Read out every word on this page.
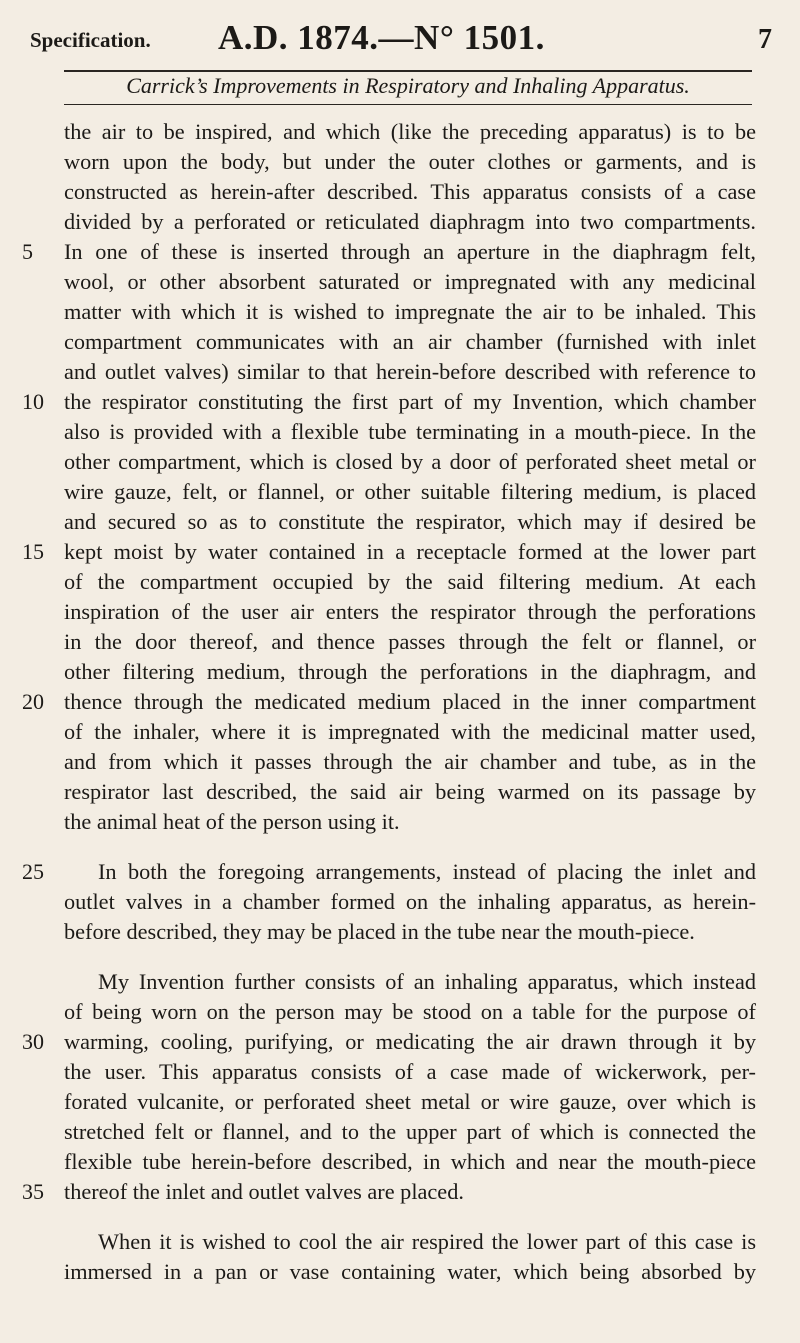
Specification. A.D. 1874.—N° 1501.	7
Carrick’s Improvements in Respiratory and Inhaling Apparatus.
the air to be inspired, and which (like the preceding apparatus) is to be
worn upon the body, but under the outer clothes or garments, and is
constructed as herein-after described. This apparatus consists of a case
divided by a perforated or reticulated diaphragm into two compartments.
5	In one of these is inserted through an aperture in the diaphragm felt,
wool, or other absorbent saturated or impregnated with any medicinal
matter with which it is wished to impregnate the air to be inhaled. This
compartment communicates with an air chamber (furnished with inlet
and outlet valves) similar to that herein-before described with reference to
10 the respirator constituting the first part of my Invention, which chamber
also is provided with a flexible tube terminating in a mouth-piece. In the
other compartment, which is closed by a door of perforated sheet metal or
wire gauze, felt, or flannel, or other suitable filtering medium, is placed
and secured so as to constitute the respirator, which may if desired be
15 kept moist by water contained in a receptacle formed at the lower part
of the compartment occupied by the said filtering medium. At each
inspiration of the user air enters the respirator through the perforations
in the door thereof, and thence passes through the felt or flannel, or
other filtering medium, through the perforations in the diaphragm, and
20 thence through the medicated medium placed in the inner compartment
of the inhaler, where it is impregnated with the medicinal matter used,
and from which it passes through the air chamber and tube, as in the
respirator last described, the said air being warmed on its passage by
the animal heat of the person using it.
25	In both the foregoing arrangements, instead of placing the inlet and
outlet valves in a chamber formed on the inhaling apparatus, as herein-
before described, they may be placed in the tube near the mouth-piece.
My Invention further consists of an inhaling apparatus, which instead
of being worn on the person may be stood on a table for the purpose of
30 warming, cooling, purifying, or medicating the air drawn through it by
the user. This apparatus consists of a case made of wickerwork, per-
forated vulcanite, or perforated sheet metal or wire gauze, over which is
stretched felt or flannel, and to the upper part of which is connected the
flexible tube herein-before described, in which and near the mouth-piece
35 thereof the inlet and outlet valves are placed.
When it is wished to cool the air respired the lower part of this case is
immersed in a pan or vase containing water, which being absorbed by
